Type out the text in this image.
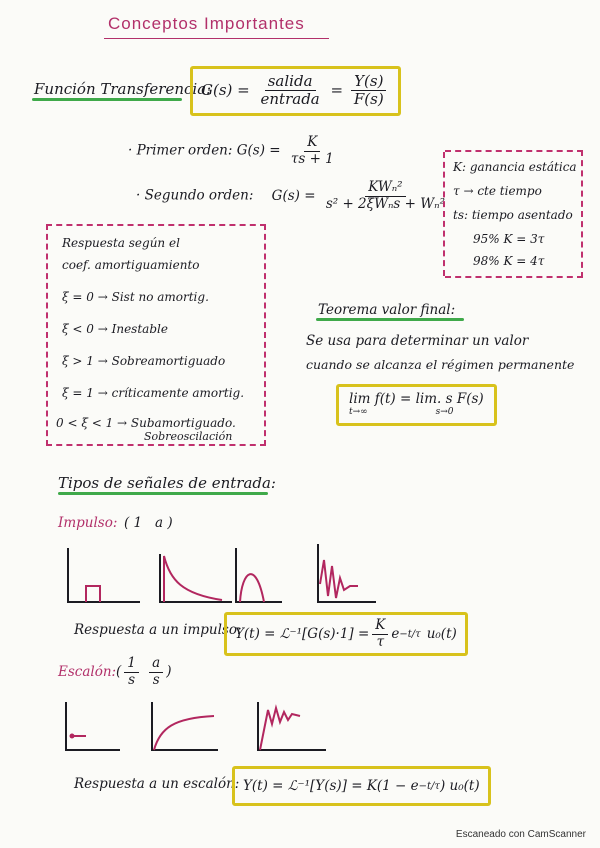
Conceptos Importantes
Función Transferencia:
$G(s) = \frac{\text{salida}}{\text{entrada}} = \frac{Y(s)}{F(s)}$
· Primer orden: $G(s) = \frac{K}{\tau s + 1}$
· Segundo orden: $G(s) = \frac{\text{KWₙ²}}{\text{s² + 2ξWₙs + Wₙ²}}$
K: ganancia estática
τ → cte tiempo
ts: tiempo asentado
95% K = 3τ
98% K = 4τ
Respuesta según el
coef. amortiguamiento
ξ = 0 → Sist no amortig.
ξ < 0 → Inestable
ξ > 1 → Sobreamortiguado
ξ = 1 → críticamente amortig.
0 < ξ < 1 → Subamortiguado.
Sobreoscilación
Teorema valor final:
Se usa para determinar un valor
cuando se alcanza el régimen permanente
lim f(t)
t→∞
= lim. s F(s)
s→0
Tipos de señales de entrada:
Impulso: ( 1   a )
Respuesta a un impulso:
Y(t) = ℒ⁻¹[G(s)·1] = $\frac{K}{\tau}$ e −t/τ u₀(t)
Escalón: ( $\frac{1}{s}$
$\frac{a}{s}$ )
Respuesta a un escalón: Y(t) = ℒ⁻¹[Y(s)] = K(1 − e −t/τ ) u₀(t)
Escaneado con CamScanner
